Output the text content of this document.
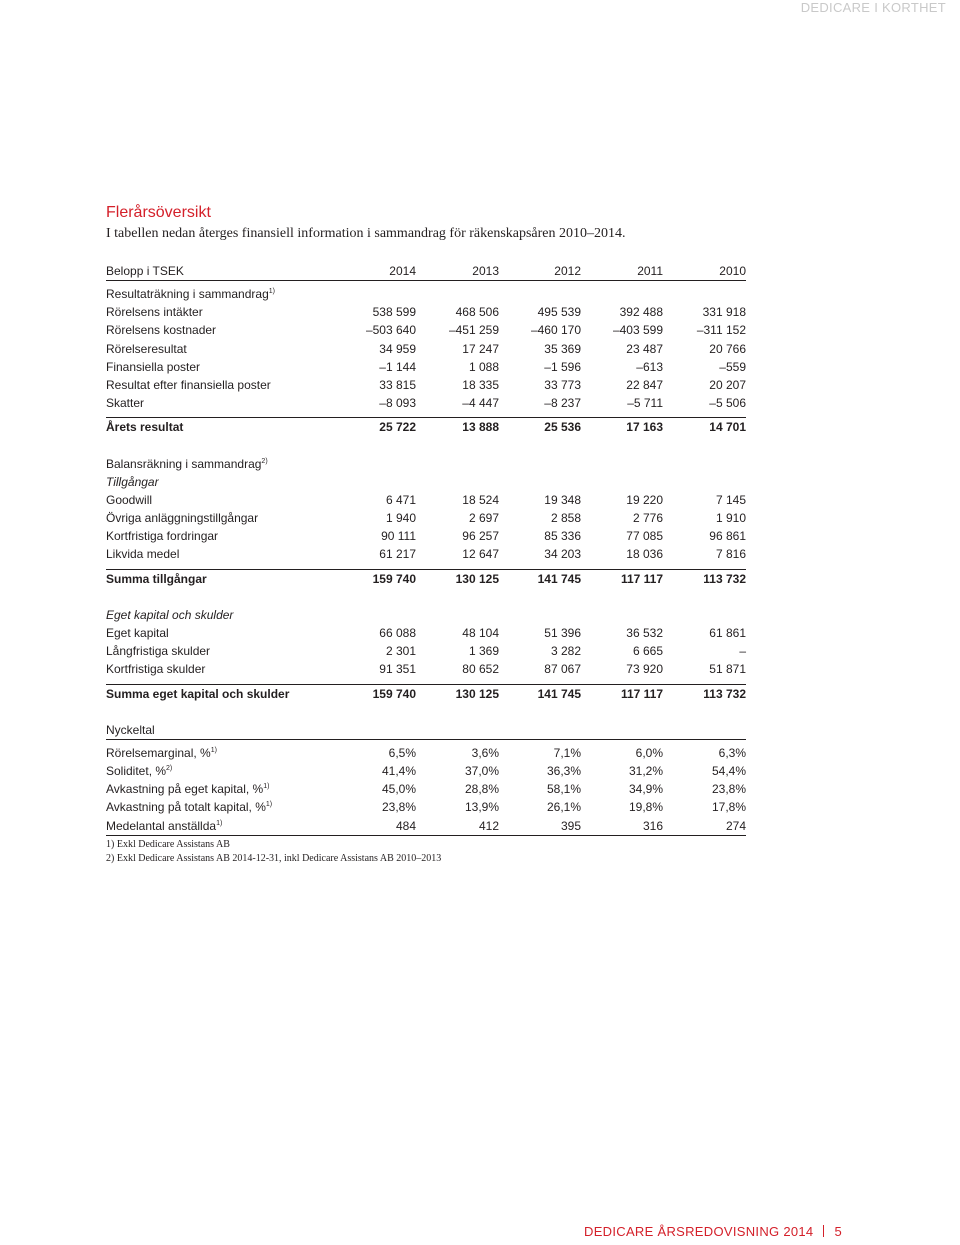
DEDICARE I KORTHET
Flerårsöversikt
I tabellen nedan återges finansiell information i sammandrag för räkenskapsåren 2010–2014.
Belopp i TSEK	2014	2013	2012	2011	2010
Resultaträkning i sammandrag$^{1)}$
Rörelsens intäkter	538 599	468 506	495 539	392 488	331 918
Rörelsens kostnader	–503 640	–451 259	–460 170	–403 599	–311 152
Rörelseresultat	34 959	17 247	35 369	23 487	20 766
Finansiella poster	–1 144	1 088	–1 596	–613	–559
Resultat efter finansiella poster	33 815	18 335	33 773	22 847	20 207
Skatter	–8 093	–4 447	–8 237	–5 711	–5 506
Årets resultat	25 722	13 888	25 536	17 163	14 701
Balansräkning i sammandrag$^{2)}$
Tillgångar
Goodwill	6 471	18 524	19 348	19 220	7 145
Övriga anläggningstillgångar	1 940	2 697	2 858	2 776	1 910
Kortfristiga fordringar	90 111	96 257	85 336	77 085	96 861
Likvida medel	61 217	12 647	34 203	18 036	7 816
Summa tillgångar	159 740	130 125	141 745	117 117	113 732
Eget kapital och skulder
Eget kapital	66 088	48 104	51 396	36 532	61 861
Långfristiga skulder	2 301	1 369	3 282	6 665	–
Kortfristiga skulder	91 351	80 652	87 067	73 920	51 871
Summa eget kapital och skulder	159 740	130 125	141 745	117 117	113 732
Nyckeltal
Rörelsemarginal, %$^{1)}$	6,5%	3,6%	7,1%	6,0%	6,3%
Soliditet, %$^{2)}$	41,4%	37,0%	36,3%	31,2%	54,4%
Avkastning på eget kapital, %$^{1)}$	45,0%	28,8%	58,1%	34,9%	23,8%
Avkastning på totalt kapital, %$^{1)}$	23,8%	13,9%	26,1%	19,8%	17,8%
Medelantal anställda$^{1)}$	484	412	395	316	274
1) Exkl Dedicare Assistans AB
2) Exkl Dedicare Assistans AB 2014-12-31, inkl Dedicare Assistans AB 2010–2013
DEDICARE ÅRSREDOVISNING 2014 5
